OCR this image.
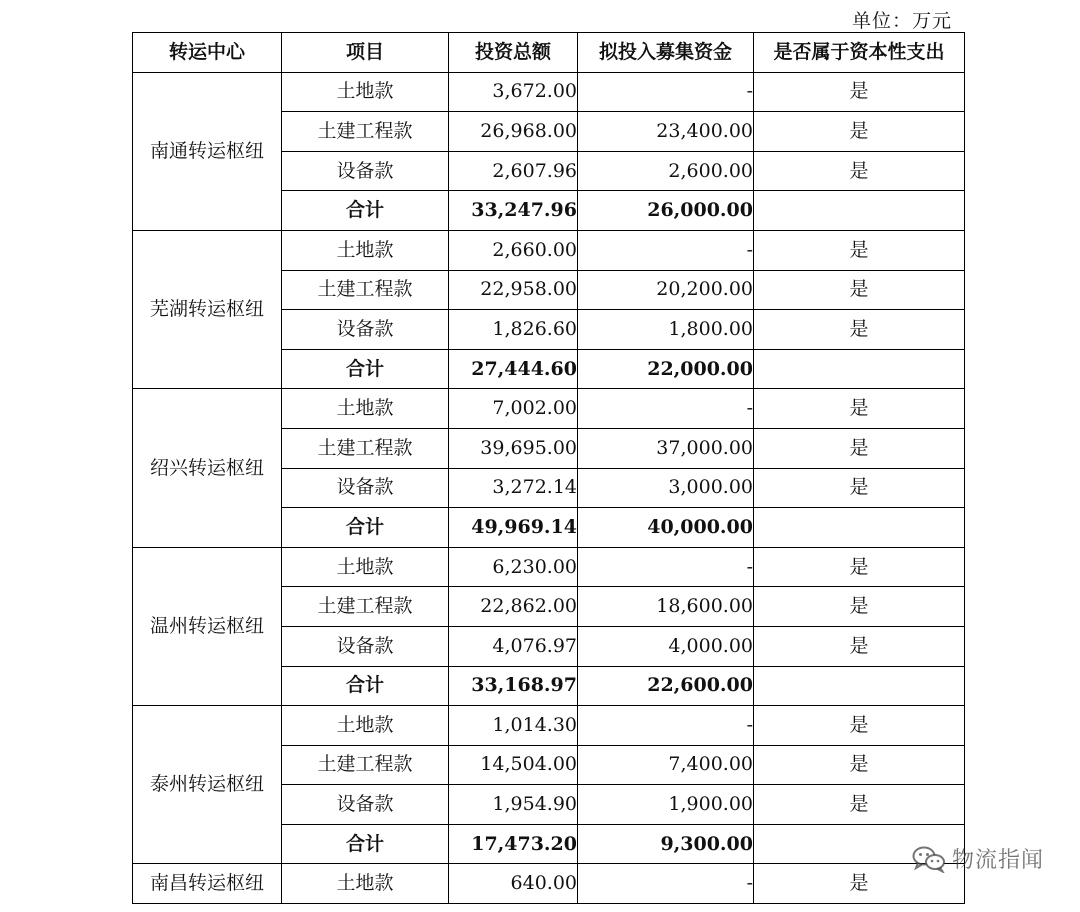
单位：万元
转运中心	项目	投资总额	拟投入募集资金	是否属于资本性支出
南通转运枢纽	土地款	3,672.00	-	是
	土建工程款	26,968.00	23,400.00	是
	设备款	2,607.96	2,600.00	是
	合计	33,247.96	26,000.00	
芜湖转运枢纽	土地款	2,660.00	-	是
	土建工程款	22,958.00	20,200.00	是
	设备款	1,826.60	1,800.00	是
	合计	27,444.60	22,000.00	
绍兴转运枢纽	土地款	7,002.00	-	是
	土建工程款	39,695.00	37,000.00	是
	设备款	3,272.14	3,000.00	是
	合计	49,969.14	40,000.00	
温州转运枢纽	土地款	6,230.00	-	是
	土建工程款	22,862.00	18,600.00	是
	设备款	4,076.97	4,000.00	是
	合计	33,168.97	22,600.00	
泰州转运枢纽	土地款	1,014.30	-	是
	土建工程款	14,504.00	7,400.00	是
	设备款	1,954.90	1,900.00	是
	合计	17,473.20	9,300.00	
南昌转运枢纽	土地款	640.00	-	是
物流指闻
